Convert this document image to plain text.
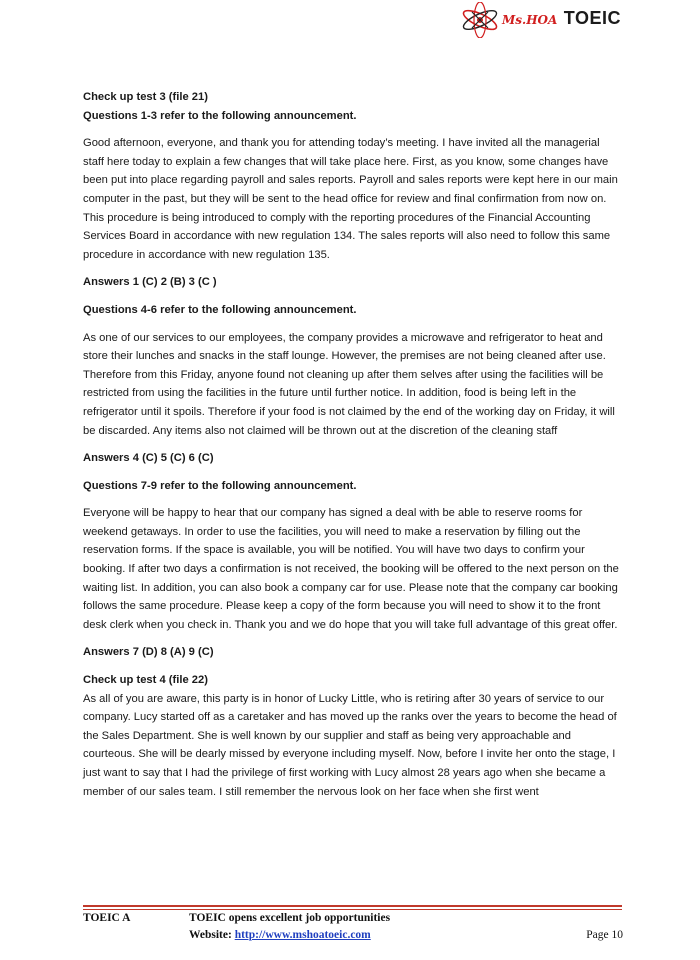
Ms.HOA TOEIC

Check up test 3 (file 21)

Questions 1-3 refer to the following announcement.

Good afternoon, everyone, and thank you for attending today’s meeting. I have invited all the managerial staff here today to explain a few changes that will take place here. First, as you know, some changes have been put into place regarding payroll and sales reports. Payroll and sales reports were kept here in our main computer in the past, but they will be sent to the head office for review and final confirmation from now on. This procedure is being introduced to comply with the reporting procedures of the Financial Accounting Services Board in accordance with new regulation 134. The sales reports will also need to follow this same procedure in accordance with new regulation 135.

Answers 1 (C) 2 (B) 3 (C )

Questions 4-6 refer to the following announcement.

As one of our services to our employees, the company provides a microwave and refrigerator to heat and store their lunches and snacks in the staff lounge. However, the premises are not being cleaned after use. Therefore from this Friday, anyone found not cleaning up after them selves after using the facilities will be restricted from using the facilities in the future until further notice. In addition, food is being left in the refrigerator until it spoils. Therefore if your food is not claimed by the end of the working day on Friday, it will be discarded. Any items also not claimed will be thrown out at the discretion of the cleaning staff

Answers 4 (C) 5 (C) 6 (C)

Questions 7-9 refer to the following announcement.

Everyone will be happy to hear that our company has signed a deal with be able to reserve rooms for weekend getaways. In order to use the facilities, you will need to make a reservation by filling out the reservation forms. If the space is available, you will be notified. You will have two days to confirm your booking. If after two days a confirmation is not received, the booking will be offered to the next person on the waiting list. In addition, you can also book a company car for use. Please note that the company car booking follows the same procedure. Please keep a copy of the form because you will need to show it to the front desk clerk when you check in. Thank you and we do hope that you will take full advantage of this great offer.

Answers 7 (D) 8 (A) 9 (C)

Check up test 4 (file 22)

As all of you are aware, this party is in honor of Lucky Little, who is retiring after 30 years of service to our company. Lucy started off as a caretaker and has moved up the ranks over the years to become the head of the Sales Department. She is well known by our supplier and staff as being very approachable and courteous. She will be dearly missed by everyone including myself. Now, before I invite her onto the stage, I just want to say that I had the privilege of first working with Lucy almost 28 years ago when she became a member of our sales team. I still remember the nervous look on her face when she first went

TOEIC A	TOEIC opens excellent job opportunities
Website: http://www.mshoatoeic.com	Page 10
